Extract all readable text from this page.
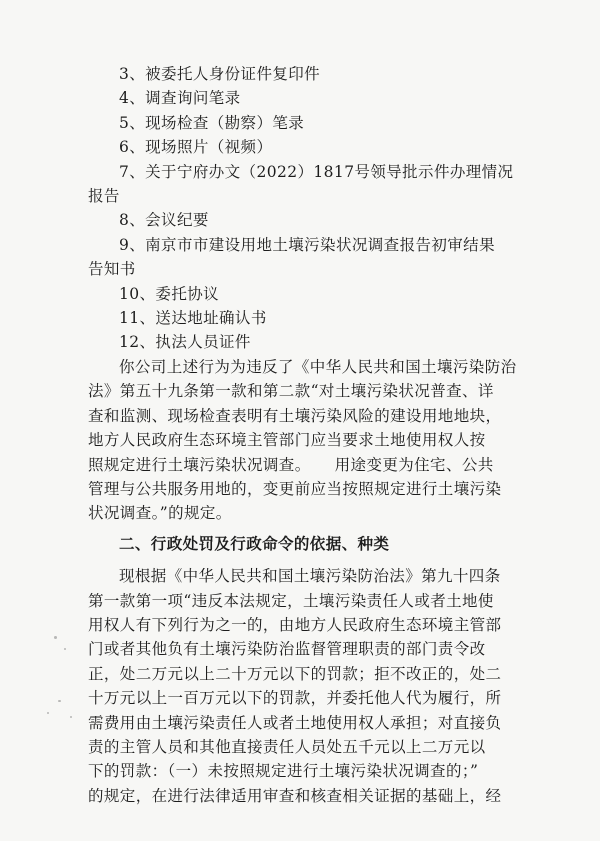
3、被委托人身份证件复印件
4、调查询问笔录
5、现场检查（勘察）笔录
6、现场照片（视频）
7、关于宁府办文（2022）1817号领导批示件办理情况
报告
8、会议纪要
9、南京市市建设用地土壤污染状况调查报告初审结果
告知书
10、委托协议
11、送达地址确认书
12、执法人员证件
你公司上述行为为违反了《中华人民共和国土壤污染防治
法》第五十九条第一款和第二款“对土壤污染状况普查、详
查和监测、现场检查表明有土壤污染风险的建设用地地块，
地方人民政府生态环境主管部门应当要求土地使用权人按
照规定进行土壤污染状况调查。　　用途变更为住宅、公共
管理与公共服务用地的，变更前应当按照规定进行土壤污染
状况调查。”的规定。
二、行政处罚及行政命令的依据、种类
现根据《中华人民共和国土壤污染防治法》第九十四条
第一款第一项“违反本法规定，土壤污染责任人或者土地使
用权人有下列行为之一的，由地方人民政府生态环境主管部
门或者其他负有土壤污染防治监督管理职责的部门责令改
正，处二万元以上二十万元以下的罚款；拒不改正的，处二
十万元以上一百万元以下的罚款，并委托他人代为履行，所
需费用由土壤污染责任人或者土地使用权人承担；对直接负
责的主管人员和其他直接责任人员处五千元以上二万元以
下的罚款：（一）未按照规定进行土壤污染状况调查的；”
的规定，在进行法律适用审查和核查相关证据的基础上，经
